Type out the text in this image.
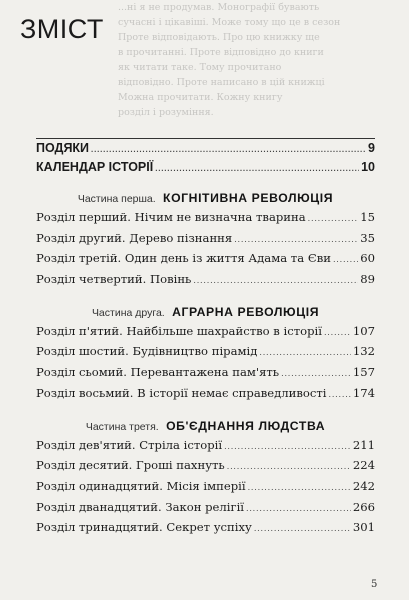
...ні я не продумав. Монографії бувають
сучасні і цікавіші. Може тому що це в сезон
Проте відповідають. Про цю книжку ще
в прочитанні. Проте відповідно до книги
як читати таке. Тому прочитано
відповідно. Проте написано в цій книжці
Можна прочитати. Кожну книгу
розділ і розуміння.
ЗМІСТ
ПОДЯКИ .....	9
КАЛЕНДАР ІСТОРІЇ .....	10
Частина перша. КОГНІТИВНА РЕВОЛЮЦІЯ
Розділ перший. Нічим не визначна тварина .....	15
Розділ другий. Дерево пізнання .....	35
Розділ третій. Один день із життя Адама та Єви .....	60
Розділ четвертий. Повінь .....	89
Частина друга. АГРАРНА РЕВОЛЮЦІЯ
Розділ п'ятий. Найбільше шахрайство в історії .....	107
Розділ шостий. Будівництво пірамід .....	132
Розділ сьомий. Перевантажена пам'ять .....	157
Розділ восьмий. В історії немає справедливості ..... 174
Частина третя. ОБ'ЄДНАННЯ ЛЮДСТВА
Розділ дев'ятий. Стріла історії .....	211
Розділ десятий. Гроші пахнуть .....	224
Розділ одинадцятий. Місія імперії .....	242
Розділ дванадцятий. Закон релігії .....	266
Розділ тринадцятий. Секрет успіху .....	301
5
